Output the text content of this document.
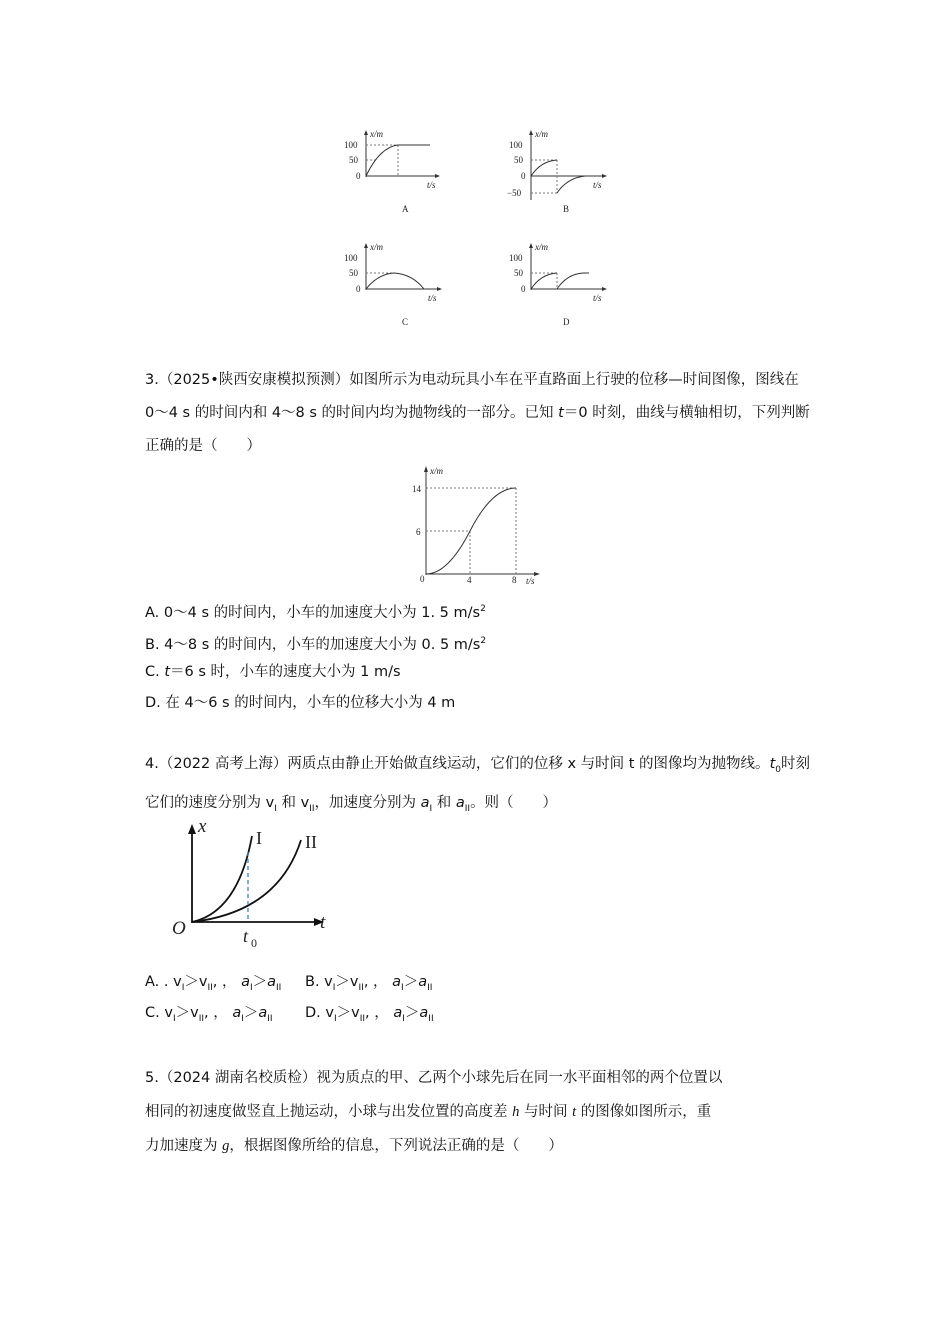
x/m
t/s
100
50
0
A
x/m
t/s
100
50
0
−50
B
x/m
t/s
100
50
0
C
x/m
t/s
100
50
0
D
3.（2025•陕西安康模拟预测）如图所示为电动玩具小车在平直路面上行驶的位移—时间图像，图线在 0～4 s 的时间内和 4～8 s 的时间内均为抛物线的一部分。已知 t＝0 时刻，曲线与横轴相切，下列判断正确的是（　　）
x/m
14
6
0	4	8 t/s
A. 0～4 s 的时间内，小车的加速度大小为 1. 5 $m/s^2$
B. 4～8 s 的时间内，小车的加速度大小为 0. 5 $m/s^2$
C. t＝6 s 时，小车的速度大小为 1 m/s
D. 在 4～6 s 的时间内，小车的位移大小为 4 m
4.（2022 高考上海）两质点由静止开始做直线运动，它们的位移 x 与时间 t 的图像均为抛物线。$t_0$时刻它们的速度分别为 $v_I$ 和 $v_{II}$，加速度分别为 $a_I$ 和 $a_{II}$。则（　　）
x
I II
O	t
t 0
A. . $v_I>v_{II}$, ， $a_I>a_{II}$ B. $v_I>v_{II}$, ， $a_I>a_{II}$
C. $v_I>v_{II}$, ， $a_I>a_{II}$ D. $v_I>v_{II}$, ， $a_I>a_{II}$
5.（2024 湖南名校质检）视为质点的甲、乙两个小球先后在同一水平面相邻的两个位置以
相同的初速度做竖直上抛运动，小球与出发位置的高度差 h 与时间 t 的图像如图所示，重
力加速度为 g，根据图像所给的信息，下列说法正确的是（　　）
